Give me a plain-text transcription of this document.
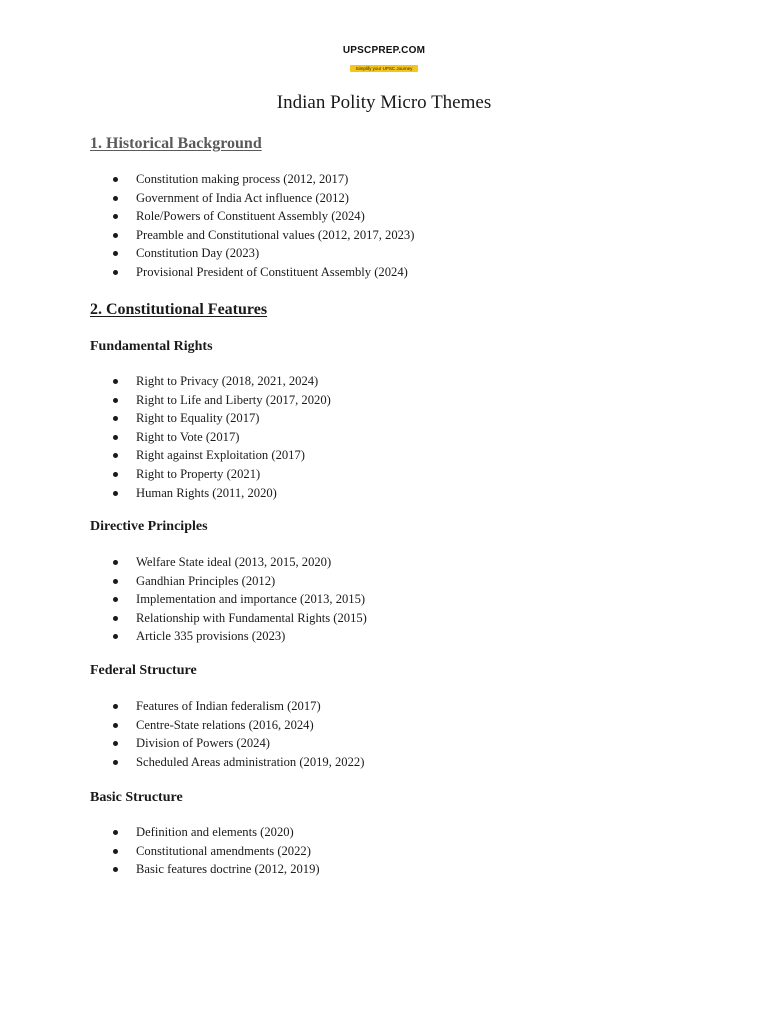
UPSCPREP.COM
Simplify your UPSC Journey
Indian Polity Micro Themes
1. Historical Background
Constitution making process (2012, 2017)
Government of India Act influence (2012)
Role/Powers of Constituent Assembly (2024)
Preamble and Constitutional values (2012, 2017, 2023)
Constitution Day (2023)
Provisional President of Constituent Assembly (2024)
2. Constitutional Features
Fundamental Rights
Right to Privacy (2018, 2021, 2024)
Right to Life and Liberty (2017, 2020)
Right to Equality (2017)
Right to Vote (2017)
Right against Exploitation (2017)
Right to Property (2021)
Human Rights (2011, 2020)
Directive Principles
Welfare State ideal (2013, 2015, 2020)
Gandhian Principles (2012)
Implementation and importance (2013, 2015)
Relationship with Fundamental Rights (2015)
Article 335 provisions (2023)
Federal Structure
Features of Indian federalism (2017)
Centre-State relations (2016, 2024)
Division of Powers (2024)
Scheduled Areas administration (2019, 2022)
Basic Structure
Definition and elements (2020)
Constitutional amendments (2022)
Basic features doctrine (2012, 2019)
